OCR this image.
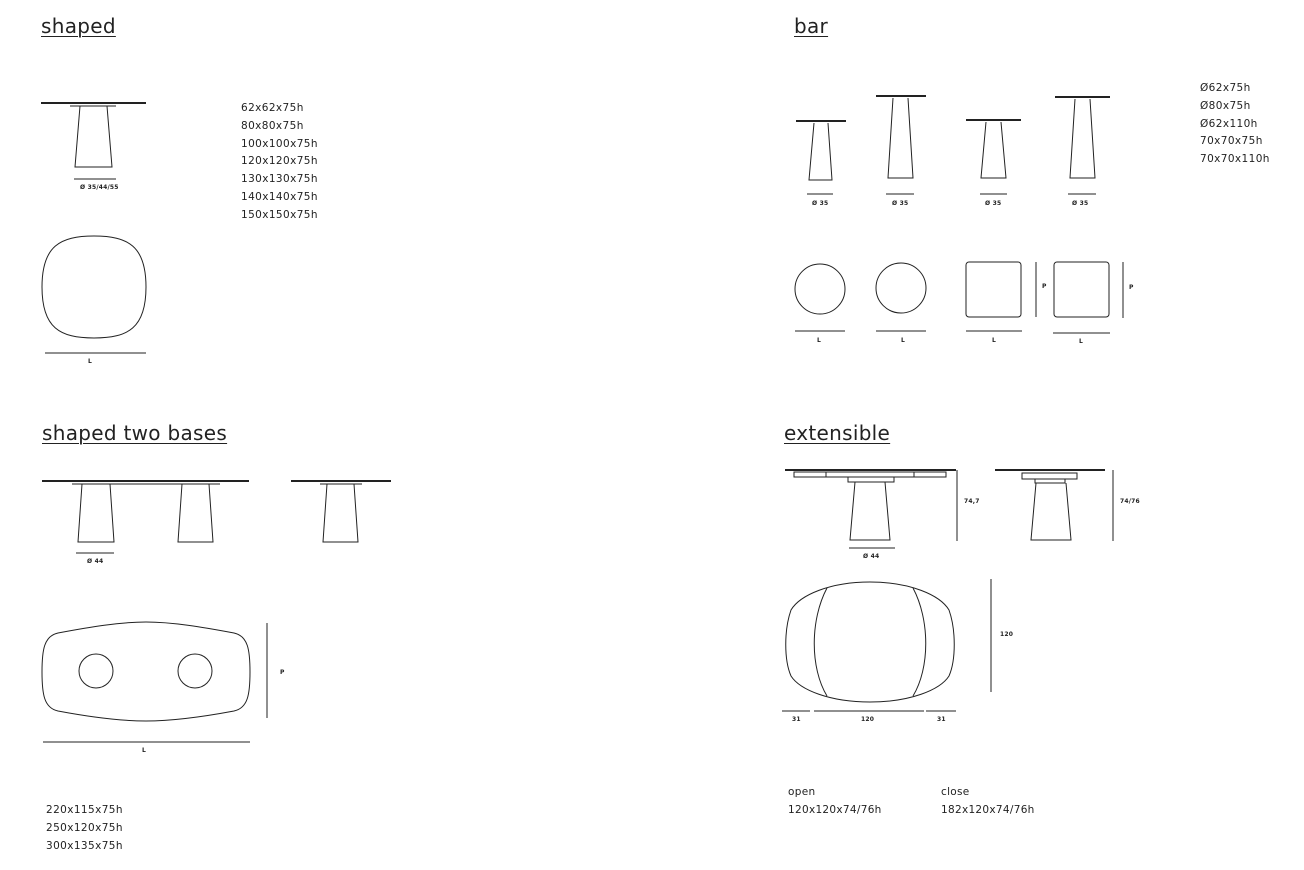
shaped
Ø 35/44/55
L
62x62x75h
80x80x75h
100x100x75h
120x120x75h
130x130x75h
140x140x75h
150x150x75h
bar
Ø 35	Ø 35	Ø 35	Ø 35
L	L	L	L
P	P
Ø62x75h
Ø80x75h
Ø62x110h
70x70x75h
70x70x110h
shaped two bases
Ø 44
P
L
220x115x75h
250x120x75h
300x135x75h
extensible
Ø 44
74,7	74/76
120
31	120	31
open
120x120x74/76h
close
182x120x74/76h
